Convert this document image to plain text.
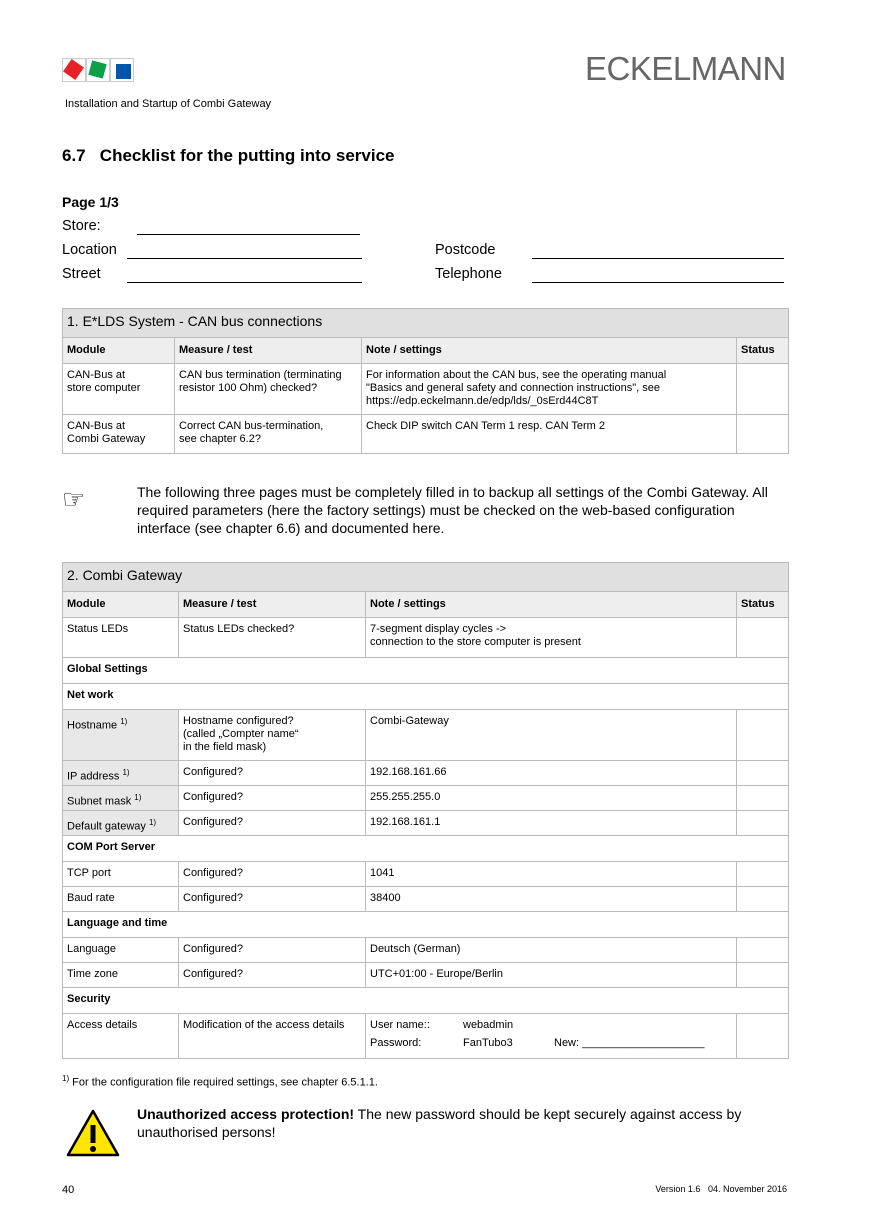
ECKELMANN
Installation and Startup of Combi Gateway
6.7   Checklist for the putting into service
Page 1/3
Store:
Location
Street
Postcode
Telephone
1. E*LDS System - CAN bus connections			
Module	Measure / test	Note / settings	Status
CAN-Bus at
store computer	CAN bus termination (terminating resistor 100 Ohm) checked?	For information about the CAN bus, see the operating manual
"Basics and general safety and connection instructions", see
https://edp.eckelmann.de/edp/lds/_0sErd44C8T	
CAN-Bus at
Combi Gateway	Correct CAN bus-termination,
see chapter 6.2?	Check DIP switch CAN Term 1 resp. CAN Term 2	
☞	The following three pages must be completely filled in to backup all settings of the Combi Gateway. All required parameters (here the factory settings) must be checked on the web-based configuration interface (see chapter 6.6) and documented here.
2. Combi Gateway			
Module	Measure / test	Note / settings	Status
Status LEDs	Status LEDs checked?	7-segment display cycles ->
connection to the store computer is present	
Global Settings			
Net work			
Hostname $^{1)}$	Hostname configured?
(called „Compter name“
in the field mask)	Combi-Gateway	
IP address $^{1)}$	Configured?	192.168.161.66	
Subnet mask $^{1)}$	Configured?	255.255.255.0	
Default gateway $^{1)}$	Configured?	192.168.161.1	
COM Port Server			
TCP port	Configured?	1041	
Baud rate	Configured?	38400	
Language and time			
Language	Configured?	Deutsch (German)	
Time zone	Configured?	UTC+01:00 - Europe/Berlin	
Security			
Access details	Modification of the access details	User name:: webadmin
Password: FanTubo3 New: ____________________	

$^{1)}$ For the configuration file required settings, see chapter 6.5.1.1.
Unauthorized access protection! The new password should be kept securely against access by unauthorised persons!
40	Version 1.6   04. November 2016
